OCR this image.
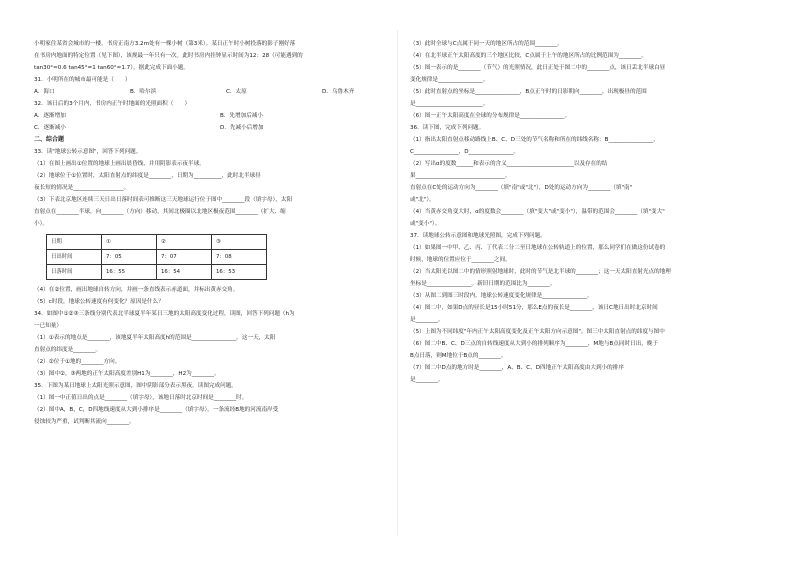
小明家住某省会城市的一楼，书房正南方3.2m处有一棵小树（第3米）。某日正午时小树投落的影子刚好落
在书房内地面的特定位置（见下图），该规最一年只有一次。此时书房内挂钟显示时间为12：28（可能遇到的
tan30°≈0.6 tan45°=1 tan60°≈1.7）。据此完成下面小题。
31．小明所在的城市最可能是（　　）
A．海口	B．哈尔滨	C．太原	D．乌鲁木齐
32．该日后的3个月内，书房内正午时地面的光照面积（　　）
A．逐渐增加	B．先增加后减小
C．逐渐减小	D．先减小后增加
二、综合题
33．读"地球公转示意图"，回答下列问题。
（1）在图上画出①位置的地球上画出晨昏线，并用阴影表示夜半球。
（2）地球位于①位置时，太阳直射点的纬度是________，日期为__________，此时北半球昼
夜长短的情况是__________________。
（3）下表北京地区连续三天日出日落时间表可推断这三天地球运行位于图中________段（填字母），太阳
直射点在________半球，向________（方向）移动，其间北极圈以北地区极夜范围________（扩大、缩
小）。
日期	①	②	③
日出时间	7：05	7：07	7：08
日落时间	16：55	16：54	16：53
（4）在②位置，画出地球自转方向，并画一条直线表示赤道面，并标出黄赤交角。
（5）c时段，地球公转速度有何变化？原因是什么？
34．如图中①②③三条线分别代表北半球夏半年某日三地的太阳高度变化过程，读图，回答下列问题（h为
一已知量）
（1）①表示的地点是________，该地夏半年太阳高度h的范围是________________。这一天，太阳
直射点的纬度是________。
（2）②位于①地的________方向。
（3）图中②，③两地的正午太阳高度差别H1为________，H2为________。
35．下图为某日地球上太阳光照示意图，图中阴影部分表示黑夜，读图完成问题。
（1）图一中正值日出的点是________（填字母），该地日落时北京时间是________时。
（2）图中A，B，C，D四地线速度从大到小排序是________（填字母）。一条流经B地的河流南岸受
侵蚀较为严重，试判断其流向________。
（3）此时全球与C点属于同一天的地区所占的范围________。
（4）在北半球正午太阳高度的三个地区比较，C点属于上午的地区所占的比例范围为________。
（5）图一表示的是________（节气）的光照情况，此日正处于图二中的________点，该日丢北半球白昼
变化规律是________________。
（5）此时直射点的坐标是________________，B点正午时的日影朝向________，出现极昼的范围
是________________________。
（6）图一正午太阳高度在全球的分布规律是________________。
36．读下图，完成下列问题。
（1）指出太阳直射点移动路线上B、C、D三处的节气名称和所在的纬线名称：B________________，
C________________，D________________。
（2）写出α的度数______和表示的含义________________________以及存在的结
果________________________________。
直射点在C处的运动方向为________（填"南"或"北"），D处的运动方向为________（填"南"
或"北"）。
（4）当黄赤交角变大时，α的度数会________（填"变大"或"变小"），温带的范围会________（填"变大"
或"变小"）。
37．读地球公转示意图和地球光照图，完成下列问题。
（1）如果图一中甲、乙、丙、丁代表二分二至日地球在公转轨道上的位置，那么同学们在做这份试卷的
时候，地球的位置应位于________之间。
（2）当太阳光以图二中的情形照射地球时，此时的节气是北半球的________；这一天太阳直射光点的地理
坐标是________________。新旧日期的范围比为________。
（3）从图二到图三时段内，地球公转速度变化规律是________________。
（4）图二中，如果D点的昼长是15小时51分，那么E点的夜长是________，该日C地日出时北京时间
是________。
（5）上图为不同纬度"年内正午太阳高度变化及正午太阳方向示意图"。图三中太阳直射点的纬度与图中
（6）图二中B、C、D三点的自转线速度从大到小的排列顺序为________，M地与B点同时日出，晚于
B点日落，则M地位于B点的________。
（7）图二中D点的地方时是________，A、B、C、D四地正午太阳高度由大到小的排序
是________。
